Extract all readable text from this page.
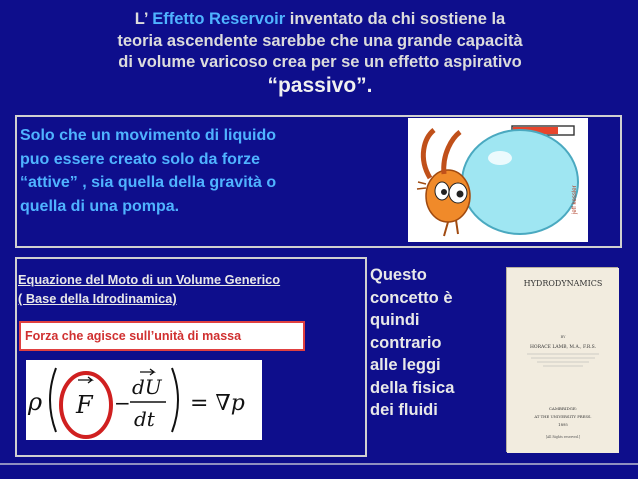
L’ Effetto Reservoir inventato da chi sostiene la
teoria ascendente sarebbe che una grande capacità
di volume varicoso crea per se un effetto aspirativo
“passivo”.
Solo che un movimento di liquido
puo essere creato solo da forze
“attive” , sia quella della gravità o
quella di una pompa.	jeff kessler
Equazione del Moto di un Volume Generico
( Base della Idrodinamica)
Forza che agisce sull’unità di massa
ρ F −
dU
dt
= ∇p
Questo
concetto è
quindi
contrario
alle leggi
della fisica
dei fluidi
HYDRODYNAMICS
BY
HORACE LAMB, M.A., F.R.S.
CAMBRIDGE:
AT THE UNIVERSITY PRESS.
1895
[All Rights reserved.]
